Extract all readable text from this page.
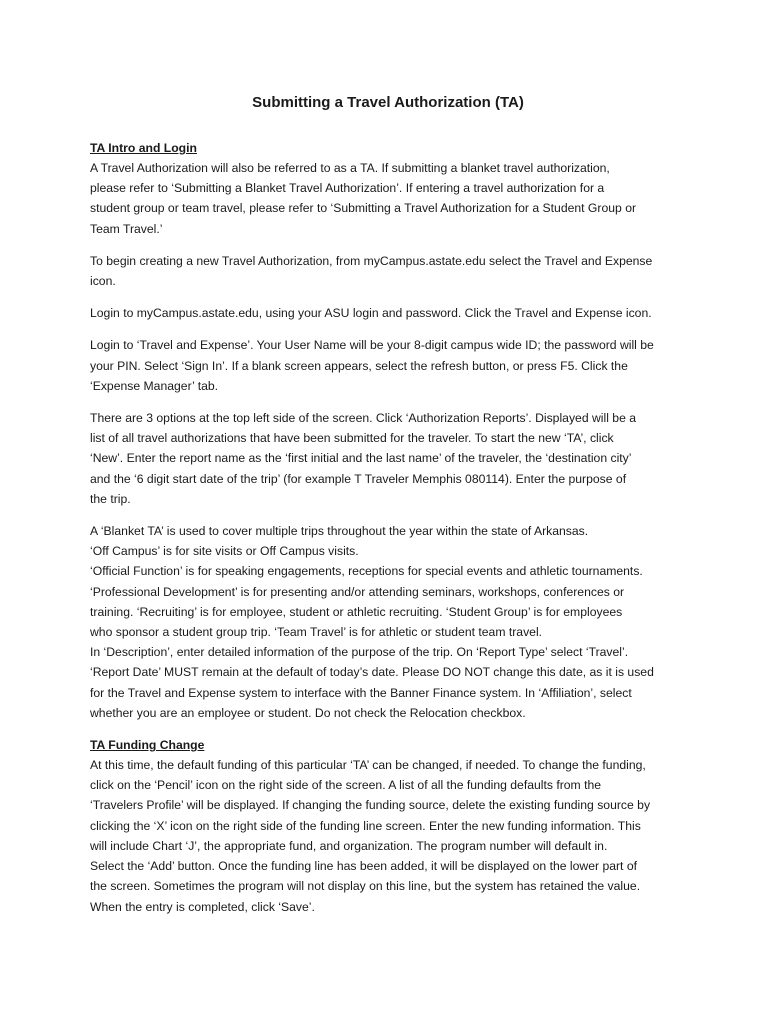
Submitting a Travel Authorization (TA)
TA Intro and Login
A Travel Authorization will also be referred to as a TA. If submitting a blanket travel authorization,
please refer to ‘Submitting a Blanket Travel Authorization’. If entering a travel authorization for a
student group or team travel, please refer to ‘Submitting a Travel Authorization for a Student Group or
Team Travel.’
To begin creating a new Travel Authorization, from myCampus.astate.edu select the Travel and Expense
icon.
Login to myCampus.astate.edu, using your ASU login and password. Click the Travel and Expense icon.
Login to ‘Travel and Expense’. Your User Name will be your 8-digit campus wide ID; the password will be
your PIN. Select ‘Sign In’. If a blank screen appears, select the refresh button, or press F5. Click the
‘Expense Manager’ tab.
There are 3 options at the top left side of the screen. Click ‘Authorization Reports’. Displayed will be a
list of all travel authorizations that have been submitted for the traveler. To start the new ‘TA’, click
‘New’. Enter the report name as the ‘first initial and the last name’ of the traveler, the ‘destination city’
and the ‘6 digit start date of the trip’ (for example T Traveler Memphis 080114). Enter the purpose of
the trip.
A ‘Blanket TA’ is used to cover multiple trips throughout the year within the state of Arkansas.
‘Off Campus’ is for site visits or Off Campus visits.
‘Official Function’ is for speaking engagements, receptions for special events and athletic tournaments.
‘Professional Development’ is for presenting and/or attending seminars, workshops, conferences or
training. ‘Recruiting’ is for employee, student or athletic recruiting. ‘Student Group’ is for employees
who sponsor a student group trip. ‘Team Travel’ is for athletic or student team travel.
In ‘Description’, enter detailed information of the purpose of the trip. On ‘Report Type’ select ‘Travel’.
‘Report Date’ MUST remain at the default of today’s date. Please DO NOT change this date, as it is used
for the Travel and Expense system to interface with the Banner Finance system. In ‘Affiliation’, select
whether you are an employee or student. Do not check the Relocation checkbox.
TA Funding Change
At this time, the default funding of this particular ‘TA’ can be changed, if needed. To change the funding,
click on the ‘Pencil’ icon on the right side of the screen. A list of all the funding defaults from the
‘Travelers Profile’ will be displayed. If changing the funding source, delete the existing funding source by
clicking the ‘X’ icon on the right side of the funding line screen. Enter the new funding information. This
will include Chart ‘J’, the appropriate fund, and organization. The program number will default in.
Select the ‘Add’ button. Once the funding line has been added, it will be displayed on the lower part of
the screen. Sometimes the program will not display on this line, but the system has retained the value.
When the entry is completed, click ‘Save’.
